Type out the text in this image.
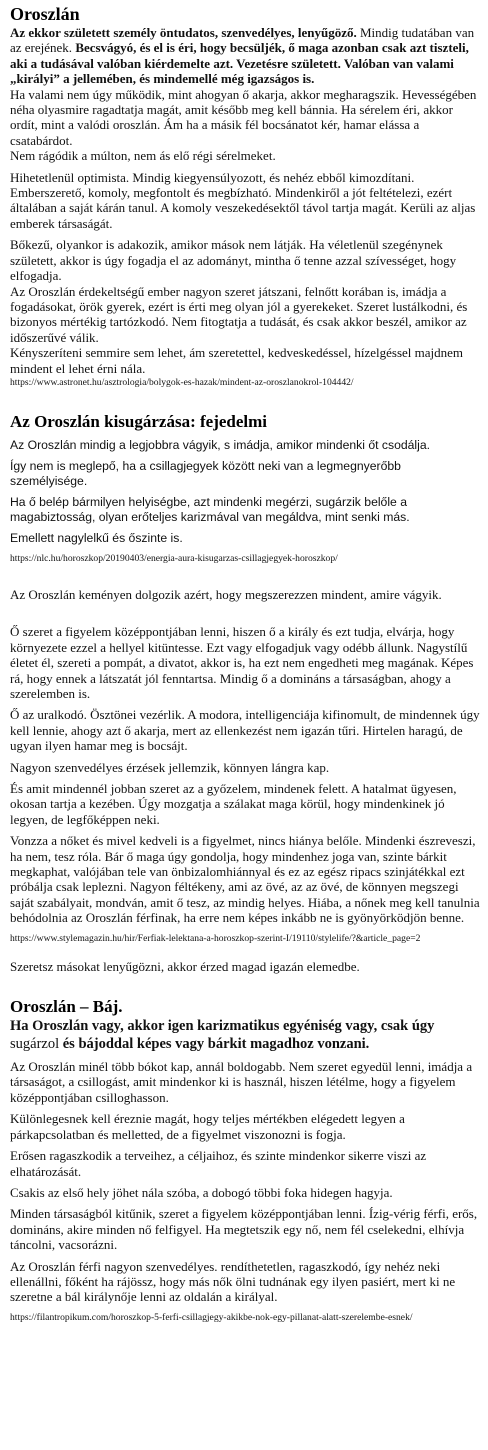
Oroszlán

Az ekkor született személy öntudatos, szenvedélyes, lenyűgöző. Mindig tudatában van az erejének. Becsvágyó, és el is éri, hogy becsüljék, ő maga azonban csak azt tiszteli, aki a tudásával valóban kiérdemelte azt. Vezetésre született. Valóban van valami „királyi” a jellemében, és mindemellé még igazságos is.

Ha valami nem úgy működik, mint ahogyan ő akarja, akkor megharagszik. Hevességében néha olyasmire ragadtatja magát, amit később meg kell bánnia. Ha sérelem éri, akkor ordít, mint a valódi oroszlán. Ám ha a másik fél bocsánatot kér, hamar elássa a csatabárdot.

Nem rágódik a múlton, nem ás elő régi sérelmeket.

Hihetetlenül optimista. Mindig kiegyensúlyozott, és nehéz ebből kimozdítani. Emberszerető, komoly, megfontolt és megbízható. Mindenkiről a jót feltételezi, ezért általában a saját kárán tanul. A komoly veszekedésektől távol tartja magát. Kerüli az aljas emberek társaságát.

Bőkezű, olyankor is adakozik, amikor mások nem látják. Ha véletlenül szegénynek született, akkor is úgy fogadja el az adományt, mintha ő tenne azzal szívességet, hogy elfogadja.

Az Oroszlán érdekeltségű ember nagyon szeret játszani, felnőtt korában is, imádja a fogadásokat, örök gyerek, ezért is érti meg olyan jól a gyerekeket. Szeret lustálkodni, és bizonyos mértékig tartózkodó. Nem fitogtatja a tudását, és csak akkor beszél, amikor az időszerűvé válik.

Kényszeríteni semmire sem lehet, ám szeretettel, kedveskedéssel, hízelgéssel majdnem mindent el lehet érni nála.

https://www.astronet.hu/asztrologia/bolygok-es-hazak/mindent-az-oroszlanokrol-104442/

Az Oroszlán kisugárzása: fejedelmi

Az Oroszlán mindig a legjobbra vágyik, s imádja, amikor mindenki őt csodálja.

Így nem is meglepő, ha a csillagjegyek között neki van a legmegnyerőbb személyisége.

Ha ő belép bármilyen helyiségbe, azt mindenki megérzi, sugárzik belőle a magabiztosság, olyan erőteljes karizmával van megáldva, mint senki más.

Emellett nagylelkű és őszinte is.

https://nlc.hu/horoszkop/20190403/energia-aura-kisugarzas-csillagjegyek-horoszkop/

Az Oroszlán keményen dolgozik azért, hogy megszerezzen mindent, amire vágyik.

Ő szeret a figyelem középpontjában lenni, hiszen ő a király és ezt tudja, elvárja, hogy környezete ezzel a hellyel kitüntesse. Ezt vagy elfogadjuk vagy odébb állunk. Nagystílű életet él, szereti a pompát, a divatot, akkor is, ha ezt nem engedheti meg magának. Képes rá, hogy ennek a látszatát jól fenntartsa. Mindig ő a domináns a társaságban, ahogy a szerelemben is.

Ő az uralkodó. Ösztönei vezérlik. A modora, intelligenciája kifinomult, de mindennek úgy kell lennie, ahogy azt ő akarja, mert az ellenkezést nem igazán tűri. Hirtelen haragú, de ugyan ilyen hamar meg is bocsájt.

Nagyon szenvedélyes érzések jellemzik, könnyen lángra kap.

És amit mindennél jobban szeret az a győzelem, mindenek felett. A hatalmat ügyesen, okosan tartja a kezében. Úgy mozgatja a szálakat maga körül, hogy mindenkinek jó legyen, de legfőképpen neki.

Vonzza a nőket és mivel kedveli is a figyelmet, nincs hiánya belőle. Mindenki észreveszi, ha nem, tesz róla. Bár ő maga úgy gondolja, hogy mindenhez joga van, szinte bárkit megkaphat, valójában tele van önbizalomhiánnyal és ez az egész ripacs szinjátékkal ezt próbálja csak leplezni. Nagyon féltékeny, ami az övé, az az övé, de könnyen megszegi saját szabályait, mondván, amit ő tesz, az mindig helyes. Hiába, a nőnek meg kell tanulnia behódolnia az Oroszlán férfinak, ha erre nem képes inkább ne is gyönyörködjön benne.

https://www.stylemagazin.hu/hir/Ferfiak-lelektana-a-horoszkop-szerint-I/19110/stylelife/?&article_page=2

Szeretsz másokat lenyűgözni, akkor érzed magad igazán elemedbe.

Oroszlán – Báj.

Ha Oroszlán vagy, akkor igen karizmatikus egyéniség vagy, csak úgy sugárzol és bájoddal képes vagy bárkit magadhoz vonzani.

Az Oroszlán minél több bókot kap, annál boldogabb. Nem szeret egyedül lenni, imádja a társaságot, a csillogást, amit mindenkor ki is használ, hiszen létélme, hogy a figyelem középpontjában csilloghasson.

Különlegesnek kell éreznie magát, hogy teljes mértékben elégedett legyen a párkapcsolatban és melletted, de a figyelmet viszonozni is fogja.

Erősen ragaszkodik a terveihez, a céljaihoz, és szinte mindenkor sikerre viszi az elhatározását.

Csakis az első hely jöhet nála szóba, a dobogó többi foka hidegen hagyja.

Minden társaságból kitűnik, szeret a figyelem középpontjában lenni. Ízig-vérig férfi, erős, domináns, akire minden nő felfigyel. Ha megtetszik egy nő, nem fél cselekedni, elhívja táncolni, vacsorázni.

Az Oroszlán férfi nagyon szenvedélyes. rendíthetetlen, ragaszkodó, így nehéz neki ellenállni, főként ha rájössz, hogy más nők ölni tudnának egy ilyen pasiért, mert ki ne szeretne a bál királynője lenni az oldalán a királyal.

https://filantropikum.com/horoszkop-5-ferfi-csillagjegy-akikbe-nok-egy-pillanat-alatt-szerelembe-esnek/
